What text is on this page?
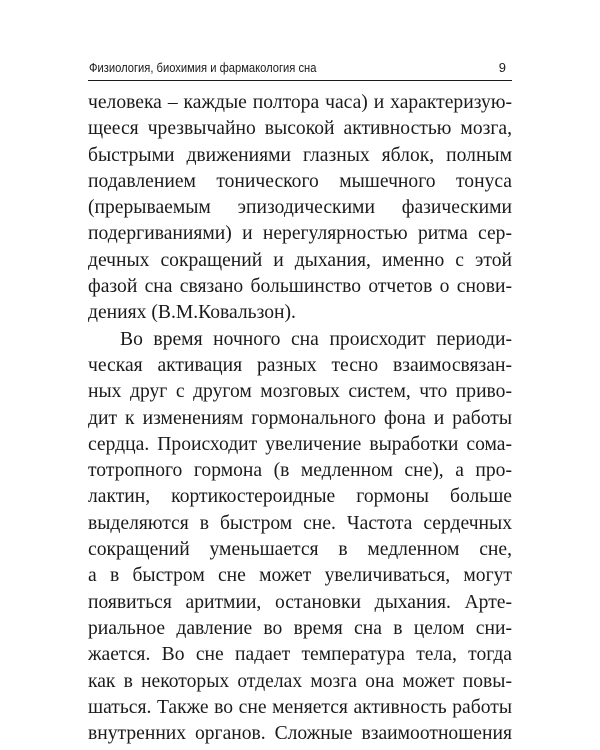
Физиология, биохимия и фармакология сна	9
человека – каждые полтора часа) и характеризую-
щееся чрезвычайно высокой активностью мозга,
быстрыми движениями глазных яблок, полным
подавлением тонического мышечного тонуса
(прерываемым эпизодическими фазическими
подергиваниями) и нерегулярностью ритма сер-
дечных сокращений и дыхания, именно с этой
фазой сна связано большинство отчетов о снови-
дениях (В.М.Ковальзон).
Во время ночного сна происходит периоди-
ческая активация разных тесно взаимосвязан-
ных друг с другом мозговых систем, что приво-
дит к изменениям гормонального фона и работы
сердца. Происходит увеличение выработки сома-
тотропного гормона (в медленном сне), а про-
лактин, кортикостероидные гормоны больше
выделяются в быстром сне. Частота сердечных
сокращений уменьшается в медленном сне,
а в быстром сне может увеличиваться, могут
появиться аритмии, остановки дыхания. Арте-
риальное давление во время сна в целом сни-
жается. Во сне падает температура тела, тогда
как в некоторых отделах мозга она может повы-
шаться. Также во сне меняется активность работы
внутренних органов. Сложные взаимоотношения
